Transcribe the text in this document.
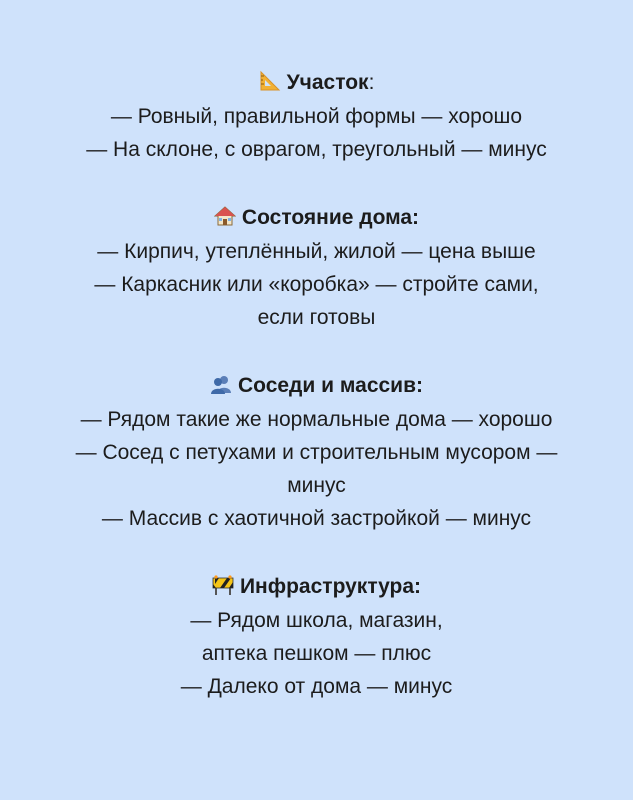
Участок:
— Ровный, правильной формы — хорошо
— На склоне, с оврагом, треугольный — минус
Состояние дома:
— Кирпич, утеплённый, жилой — цена выше
— Каркасник или «коробка» — стройте сами,
если готовы
Соседи и массив:
— Рядом такие же нормальные дома — хорошо
— Сосед с петухами и строительным мусором —
минус
— Массив с хаотичной застройкой — минус
Инфраструктура:
— Рядом школа, магазин,
аптека пешком — плюс
— Далеко от дома — минус
